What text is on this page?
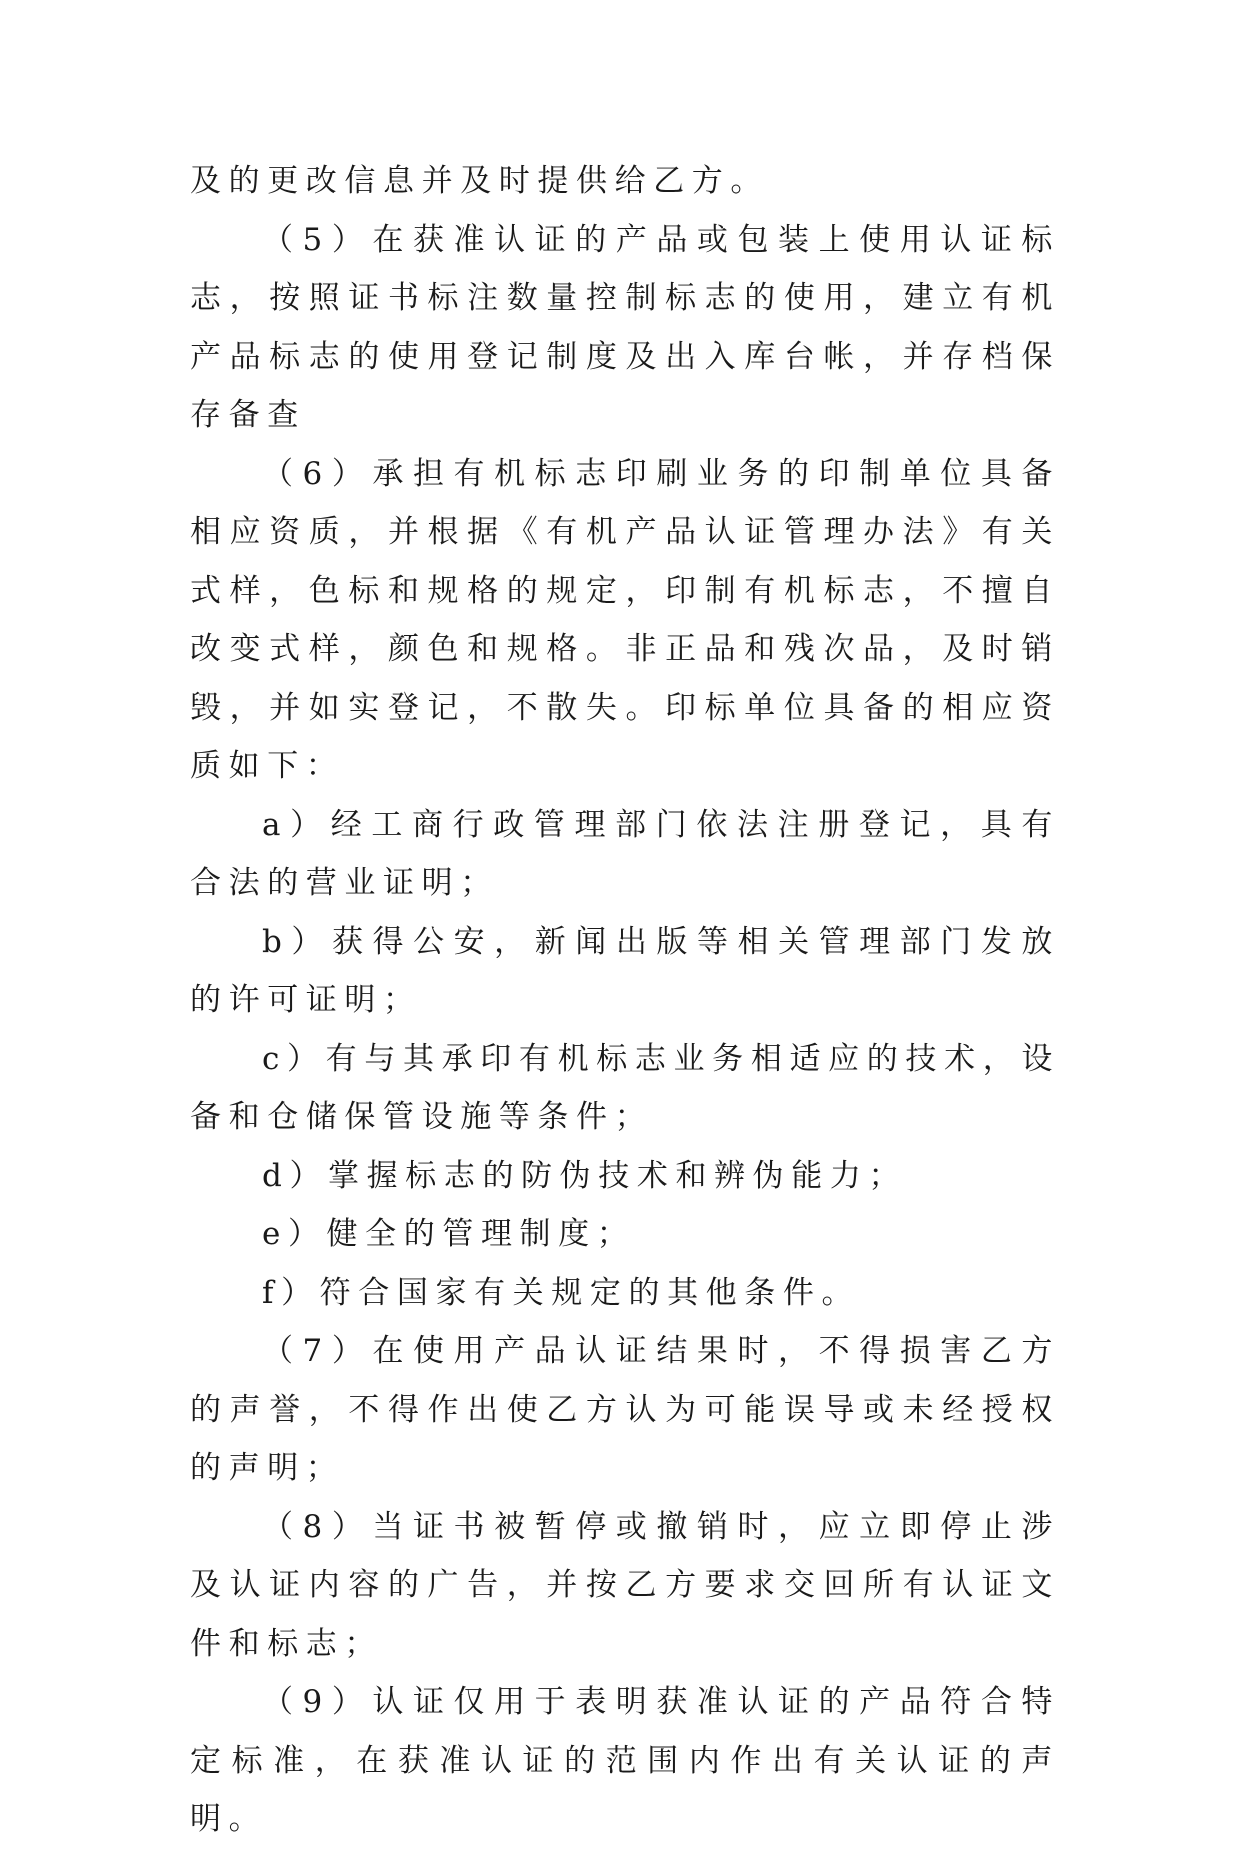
及的更改信息并及时提供给乙方。

（5）在获准认证的产品或包装上使用认证标志，按照证书标注数量控制标志的使用，建立有机产品标志的使用登记制度及出入库台帐，并存档保存备查

（6）承担有机标志印刷业务的印制单位具备相应资质，并根据《有机产品认证管理办法》有关式样，色标和规格的规定，印制有机标志，不擅自改变式样，颜色和规格。非正品和残次品，及时销毁，并如实登记，不散失。印标单位具备的相应资质如下：

a）经工商行政管理部门依法注册登记，具有合法的营业证明；

b）获得公安，新闻出版等相关管理部门发放的许可证明；

c）有与其承印有机标志业务相适应的技术，设备和仓储保管设施等条件；

d）掌握标志的防伪技术和辨伪能力；

e）健全的管理制度；

f）符合国家有关规定的其他条件。

（7）在使用产品认证结果时，不得损害乙方的声誉，不得作出使乙方认为可能误导或未经授权的声明；

（8）当证书被暂停或撤销时，应立即停止涉及认证内容的广告，并按乙方要求交回所有认证文件和标志；

（9）认证仅用于表明获准认证的产品符合特定标准，在获准认证的范围内作出有关认证的声明。
